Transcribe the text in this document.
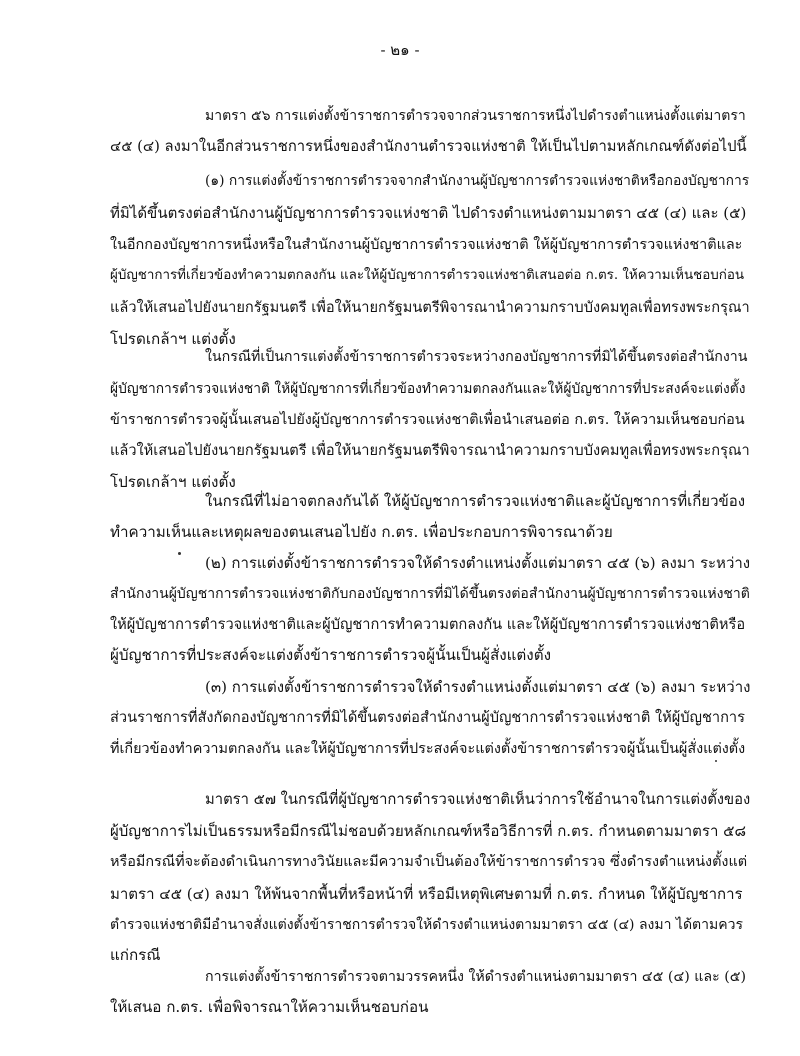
- ๒๑ -
มาตรา ๕๖ การแต่งตั้งข้าราชการตำรวจจากส่วนราชการหนึ่งไปดำรงตำแหน่งตั้งแต่มาตรา
๔๕ (๔) ลงมาในอีกส่วนราชการหนึ่งของสำนักงานตำรวจแห่งชาติ ให้เป็นไปตามหลักเกณฑ์ดังต่อไปนี้
(๑) การแต่งตั้งข้าราชการตำรวจจากสำนักงานผู้บัญชาการตำรวจแห่งชาติหรือกองบัญชาการ
ที่มิได้ขึ้นตรงต่อสำนักงานผู้บัญชาการตำรวจแห่งชาติ ไปดำรงตำแหน่งตามมาตรา ๔๕ (๔) และ (๕)
ในอีกกองบัญชาการหนึ่งหรือในสำนักงานผู้บัญชาการตำรวจแห่งชาติ ให้ผู้บัญชาการตำรวจแห่งชาติและ
ผู้บัญชาการที่เกี่ยวข้องทำความตกลงกัน และให้ผู้บัญชาการตำรวจแห่งชาติเสนอต่อ ก.ตร. ให้ความเห็นชอบก่อน
แล้วให้เสนอไปยังนายกรัฐมนตรี เพื่อให้นายกรัฐมนตรีพิจารณานำความกราบบังคมทูลเพื่อทรงพระกรุณา
โปรดเกล้าฯ แต่งตั้ง
ในกรณีที่เป็นการแต่งตั้งข้าราชการตำรวจระหว่างกองบัญชาการที่มิได้ขึ้นตรงต่อสำนักงาน
ผู้บัญชาการตำรวจแห่งชาติ ให้ผู้บัญชาการที่เกี่ยวข้องทำความตกลงกันและให้ผู้บัญชาการที่ประสงค์จะแต่งตั้ง
ข้าราชการตำรวจผู้นั้นเสนอไปยังผู้บัญชาการตำรวจแห่งชาติเพื่อนำเสนอต่อ ก.ตร. ให้ความเห็นชอบก่อน
แล้วให้เสนอไปยังนายกรัฐมนตรี เพื่อให้นายกรัฐมนตรีพิจารณานำความกราบบังคมทูลเพื่อทรงพระกรุณา
โปรดเกล้าฯ แต่งตั้ง
ในกรณีที่ไม่อาจตกลงกันได้ ให้ผู้บัญชาการตำรวจแห่งชาติและผู้บัญชาการที่เกี่ยวข้อง
ทำความเห็นและเหตุผลของตนเสนอไปยัง ก.ตร. เพื่อประกอบการพิจารณาด้วย
(๒) การแต่งตั้งข้าราชการตำรวจให้ดำรงตำแหน่งตั้งแต่มาตรา ๔๕ (๖) ลงมา ระหว่าง
สำนักงานผู้บัญชาการตำรวจแห่งชาติกับกองบัญชาการที่มิได้ขึ้นตรงต่อสำนักงานผู้บัญชาการตำรวจแห่งชาติ
ให้ผู้บัญชาการตำรวจแห่งชาติและผู้บัญชาการทำความตกลงกัน และให้ผู้บัญชาการตำรวจแห่งชาติหรือ
ผู้บัญชาการที่ประสงค์จะแต่งตั้งข้าราชการตำรวจผู้นั้นเป็นผู้สั่งแต่งตั้ง
(๓) การแต่งตั้งข้าราชการตำรวจให้ดำรงตำแหน่งตั้งแต่มาตรา ๔๕ (๖) ลงมา ระหว่าง
ส่วนราชการที่สังกัดกองบัญชาการที่มิได้ขึ้นตรงต่อสำนักงานผู้บัญชาการตำรวจแห่งชาติ ให้ผู้บัญชาการ
ที่เกี่ยวข้องทำความตกลงกัน และให้ผู้บัญชาการที่ประสงค์จะแต่งตั้งข้าราชการตำรวจผู้นั้นเป็นผู้สั่งแต่งตั้ง
มาตรา ๕๗ ในกรณีที่ผู้บัญชาการตำรวจแห่งชาติเห็นว่าการใช้อำนาจในการแต่งตั้งของ
ผู้บัญชาการไม่เป็นธรรมหรือมีกรณีไม่ชอบด้วยหลักเกณฑ์หรือวิธีการที่ ก.ตร. กำหนดตามมาตรา ๕๘
หรือมีกรณีที่จะต้องดำเนินการทางวินัยและมีความจำเป็นต้องให้ข้าราชการตำรวจ ซึ่งดำรงตำแหน่งตั้งแต่
มาตรา ๔๕ (๔) ลงมา ให้พ้นจากพื้นที่หรือหน้าที่ หรือมีเหตุพิเศษตามที่ ก.ตร. กำหนด ให้ผู้บัญชาการ
ตำรวจแห่งชาติมีอำนาจสั่งแต่งตั้งข้าราชการตำรวจให้ดำรงตำแหน่งตามมาตรา ๔๕ (๔) ลงมา ได้ตามควร
แก่กรณี
การแต่งตั้งข้าราชการตำรวจตามวรรคหนึ่ง ให้ดำรงตำแหน่งตามมาตรา ๔๕ (๔) และ (๕)
ให้เสนอ ก.ตร. เพื่อพิจารณาให้ความเห็นชอบก่อน
